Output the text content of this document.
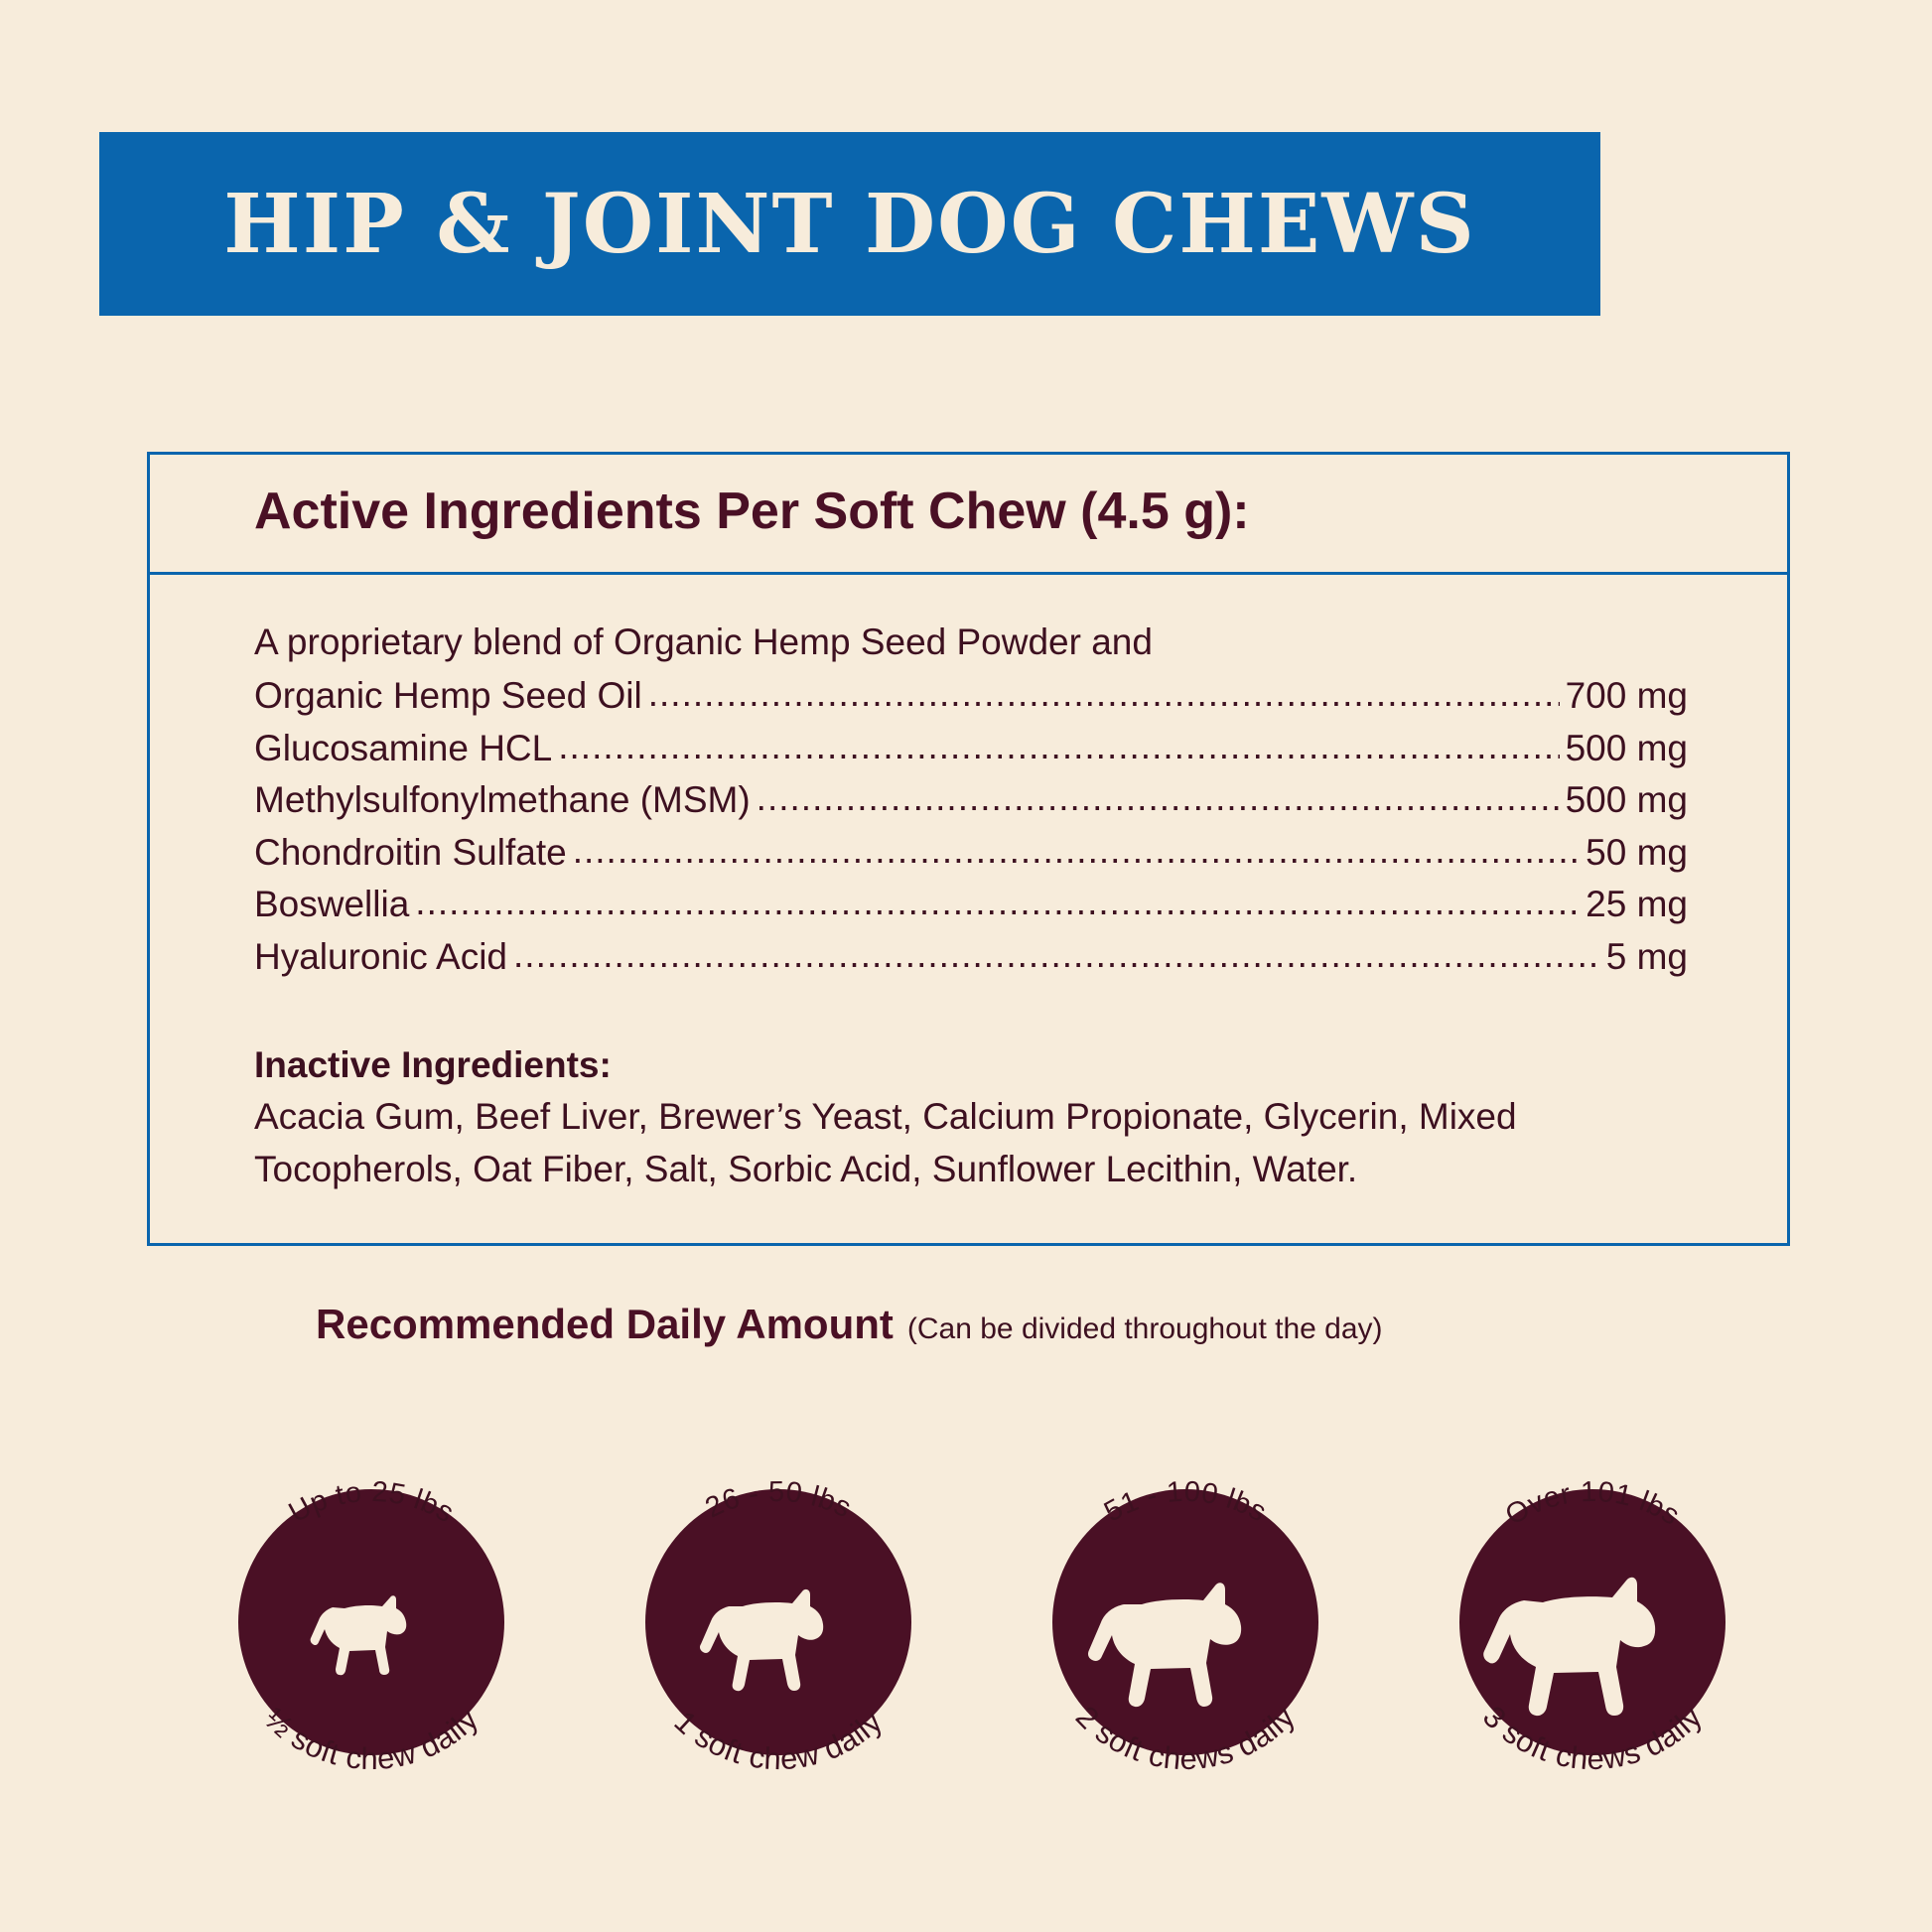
HIP & JOINT DOG CHEWS
Active Ingredients Per Soft Chew (4.5 g):

A proprietary blend of Organic Hemp Seed Powder and

Organic Hemp Seed Oil .....	700 mg
Glucosamine HCL .....	500 mg
Methylsulfonylmethane (MSM) .....	500 mg
Chondroitin Sulfate .....	50 mg
Boswellia .....	25 mg
Hyaluronic Acid .....	5 mg
Inactive Ingredients:
Acacia Gum, Beef Liver, Brewer’s Yeast, Calcium Propionate, Glycerin, Mixed Tocopherols, Oat Fiber, Salt, Sorbic Acid, Sunflower Lecithin, Water.
Recommended Daily Amount (Can be divided throughout the day)
Up to 25 lbs
½ soft chew daily
26 - 50 lbs
1 soft chew daily
51 - 100 lbs
2 soft chews daily
Over 101 lbs
3 soft chews daily
